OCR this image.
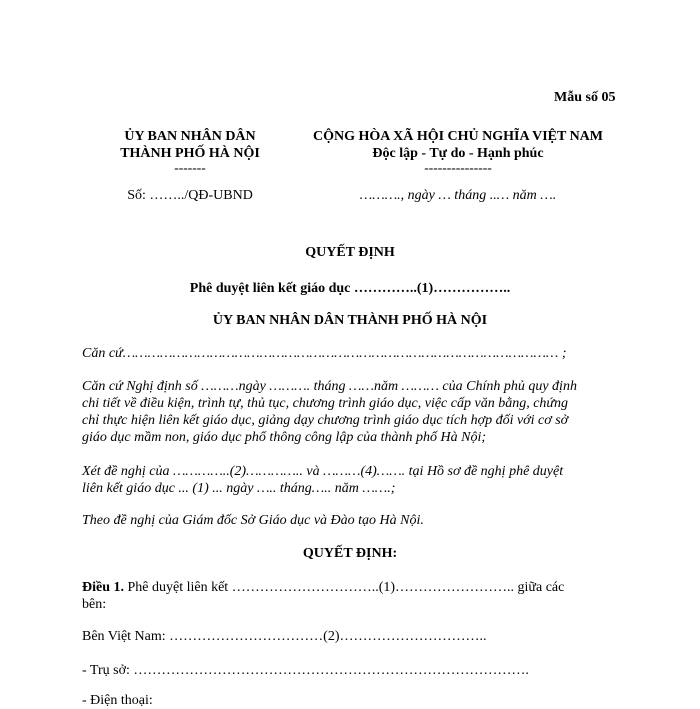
Mẫu số 05
ỦY BAN NHÂN DÂN
THÀNH PHỐ HÀ NỘI
-------
Số: ……../QĐ-UBND
CỘNG HÒA XÃ HỘI CHỦ NGHĨA VIỆT NAM
Độc lập - Tự do - Hạnh phúc
---------------
………., ngày … tháng ..… năm ….
QUYẾT ĐỊNH
Phê duyệt liên kết giáo dục …………..(1)……………..
ỦY BAN NHÂN DÂN THÀNH PHỐ HÀ NỘI
Căn cứ…………………………………………………………………………………………… ;
Căn cứ Nghị định số ………ngày ………. tháng ……năm ……… của Chính phủ quy định
chi tiết về điều kiện, trình tự, thủ tục, chương trình giáo dục, việc cấp văn bằng, chứng
chỉ thực hiện liên kết giáo dục, giảng dạy chương trình giáo dục tích hợp đối với cơ sở
giáo dục mầm non, giáo dục phổ thông công lập của thành phố Hà Nội;
Xét đề nghị của …………..(2)………….. và ………(4)……. tại Hồ sơ đề nghị phê duyệt
liên kết giáo dục ... (1) ... ngày ….. tháng….. năm …….;
Theo đề nghị của Giám đốc Sở Giáo dục và Đào tạo Hà Nội.
QUYẾT ĐỊNH:
Điều 1. Phê duyệt liên kết …………………………..(1)…………………….. giữa các
bên:
Bên Việt Nam: ……………………………(2)…………………………..
- Trụ sở: ………………………………………………………………………….
- Điện thoại:
